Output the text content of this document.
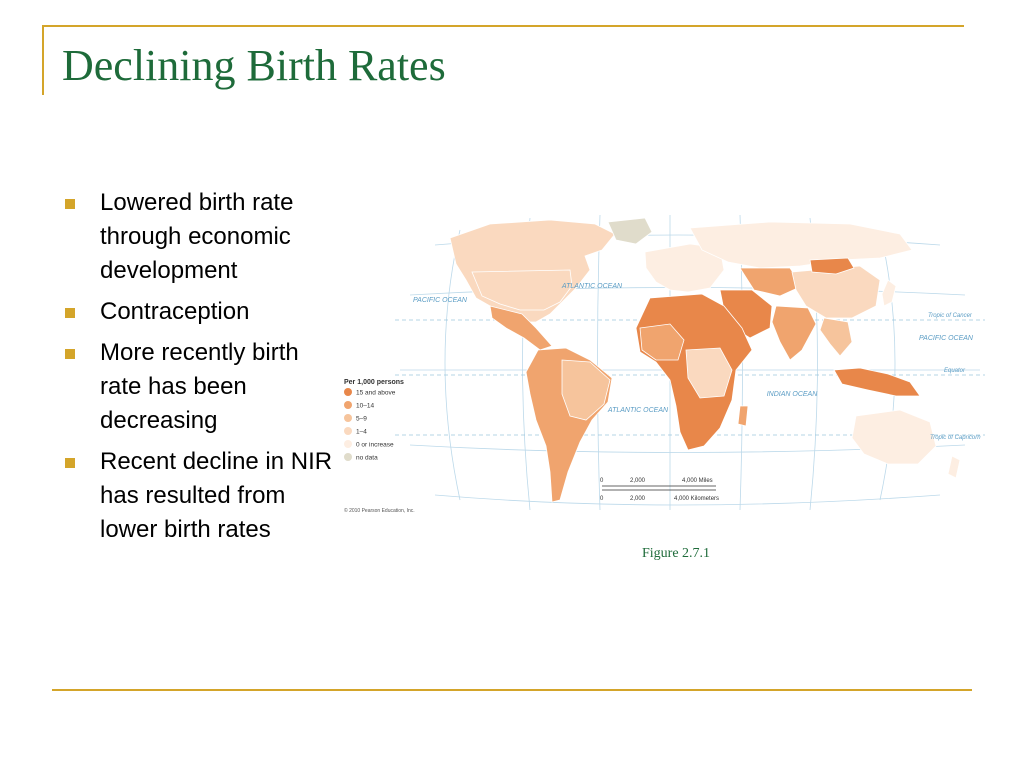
Declining Birth Rates
Lowered birth rate through economic development
Contraception
More recently birth rate has been decreasing
Recent decline in NIR has resulted from lower birth rates
PACIFIC OCEAN
ATLANTIC OCEAN
ATLANTIC OCEAN
INDIAN OCEAN
PACIFIC OCEAN
Tropic of Cancer
Equator
Tropic of Capricorn
Per 1,000 persons
15 and above
10–14
5–9
1–4
0 or increase
no data
0	2,000	4,000 Miles
0	2,000	4,000 Kilometers
© 2010 Pearson Education, Inc.
Figure 2.7.1
